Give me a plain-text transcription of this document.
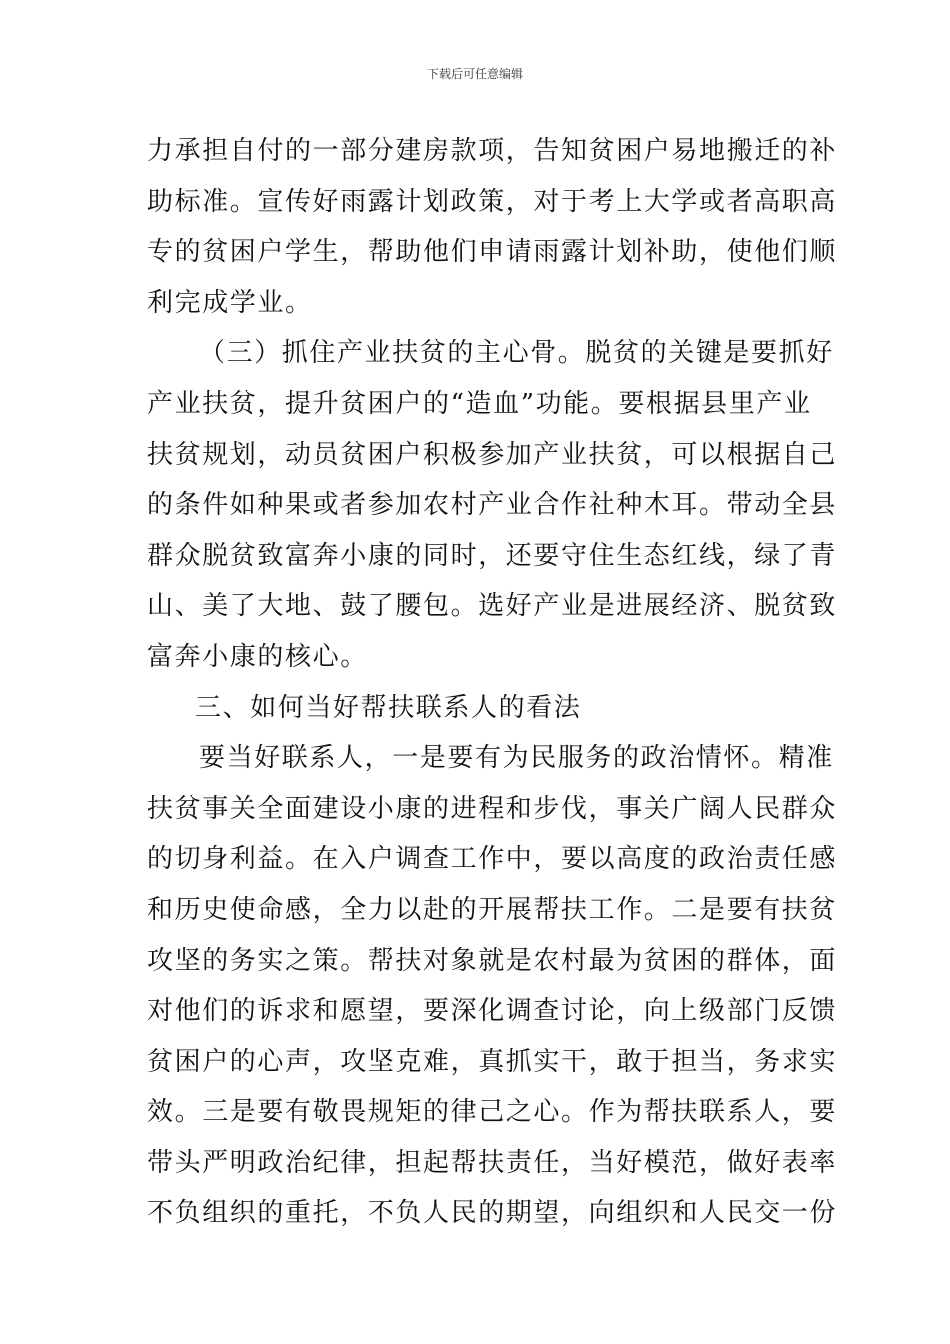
下载后可任意编辑
力承担自付的一部分建房款项，告知贫困户易地搬迁的补
助标准。宣传好雨露计划政策，对于考上大学或者高职高
专的贫困户学生，帮助他们申请雨露计划补助，使他们顺
利完成学业。
（三）抓住产业扶贫的主心骨。脱贫的关键是要抓好
产业扶贫，提升贫困户的“造血”功能。要根据县里产业
扶贫规划，动员贫困户积极参加产业扶贫，可以根据自己
的条件如种果或者参加农村产业合作社种木耳。带动全县
群众脱贫致富奔小康的同时，还要守住生态红线，绿了青
山、美了大地、鼓了腰包。选好产业是进展经济、脱贫致
富奔小康的核心。
三、如何当好帮扶联系人的看法
要当好联系人，一是要有为民服务的政治情怀。精准
扶贫事关全面建设小康的进程和步伐，事关广阔人民群众
的切身利益。在入户调查工作中，要以高度的政治责任感
和历史使命感，全力以赴的开展帮扶工作。二是要有扶贫
攻坚的务实之策。帮扶对象就是农村最为贫困的群体，面
对他们的诉求和愿望，要深化调查讨论，向上级部门反馈
贫困户的心声，攻坚克难，真抓实干，敢于担当，务求实
效。三是要有敬畏规矩的律己之心。作为帮扶联系人，要
带头严明政治纪律，担起帮扶责任，当好模范，做好表率
不负组织的重托，不负人民的期望，向组织和人民交一份
